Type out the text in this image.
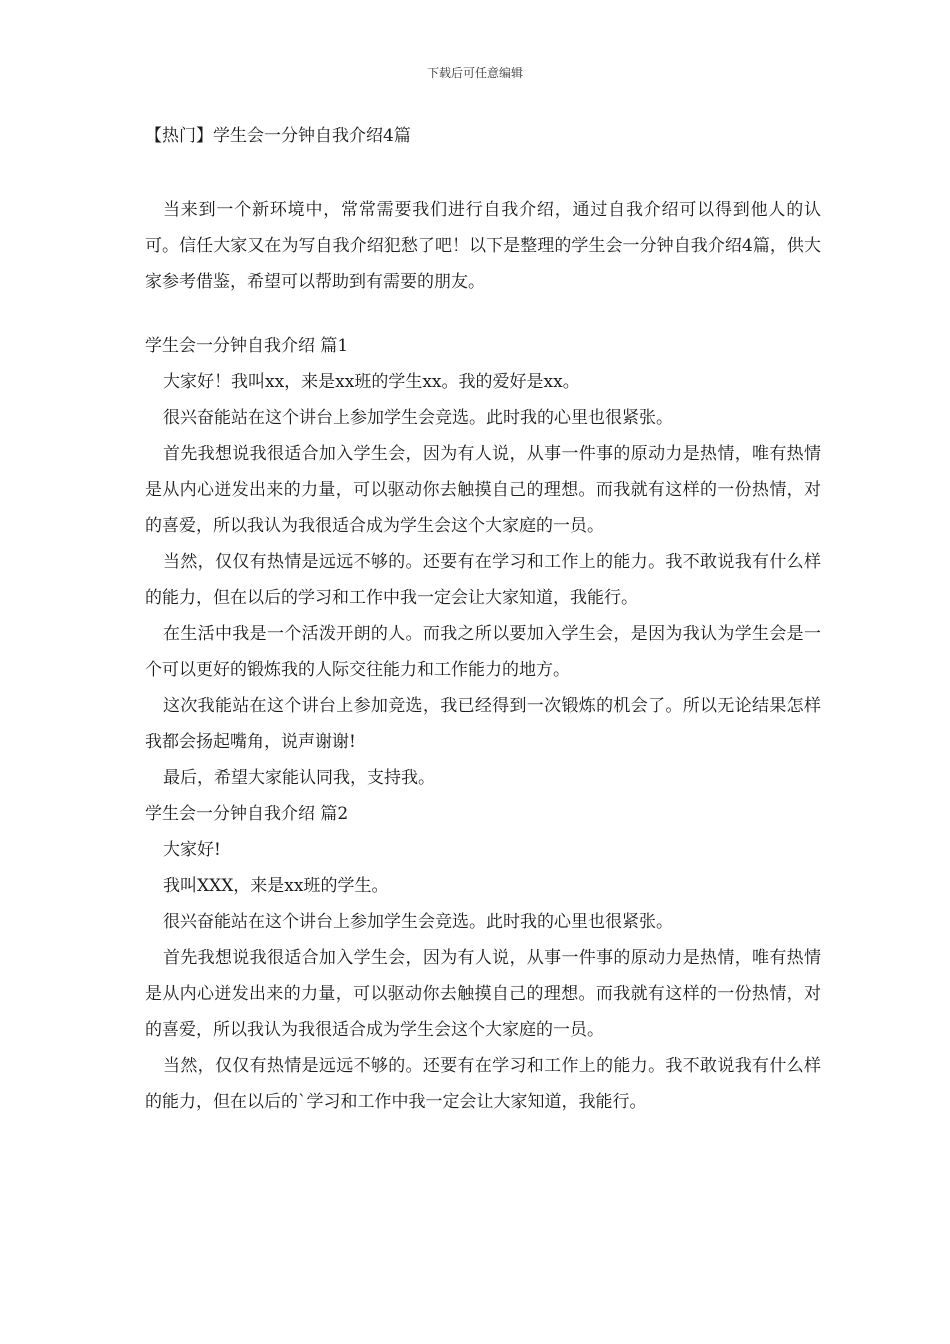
下载后可任意编辑

【热门】学生会一分钟自我介绍4篇

当来到一个新环境中，常常需要我们进行自我介绍，通过自我介绍可以得到他人的认可。信任大家又在为写自我介绍犯愁了吧！以下是整理的学生会一分钟自我介绍4篇，供大家参考借鉴，希望可以帮助到有需要的朋友。

学生会一分钟自我介绍 篇1

大家好！我叫xx，来是xx班的学生xx。我的爱好是xx。

很兴奋能站在这个讲台上参加学生会竞选。此时我的心里也很紧张。

首先我想说我很适合加入学生会，因为有人说，从事一件事的原动力是热情，唯有热情是从内心迸发出来的力量，可以驱动你去触摸自己的理想。而我就有这样的一份热情，对的喜爱，所以我认为我很适合成为学生会这个大家庭的一员。

当然，仅仅有热情是远远不够的。还要有在学习和工作上的能力。我不敢说我有什么样的能力，但在以后的学习和工作中我一定会让大家知道，我能行。

在生活中我是一个活泼开朗的人。而我之所以要加入学生会，是因为我认为学生会是一个可以更好的锻炼我的人际交往能力和工作能力的地方。

这次我能站在这个讲台上参加竞选，我已经得到一次锻炼的机会了。所以无论结果怎样我都会扬起嘴角，说声谢谢!

最后，希望大家能认同我，支持我。

学生会一分钟自我介绍 篇2

大家好!

我叫XXX，来是xx班的学生。

很兴奋能站在这个讲台上参加学生会竞选。此时我的心里也很紧张。

首先我想说我很适合加入学生会，因为有人说，从事一件事的原动力是热情，唯有热情是从内心迸发出来的力量，可以驱动你去触摸自己的理想。而我就有这样的一份热情，对的喜爱，所以我认为我很适合成为学生会这个大家庭的一员。

当然，仅仅有热情是远远不够的。还要有在学习和工作上的能力。我不敢说我有什么样的能力，但在以后的`学习和工作中我一定会让大家知道，我能行。
